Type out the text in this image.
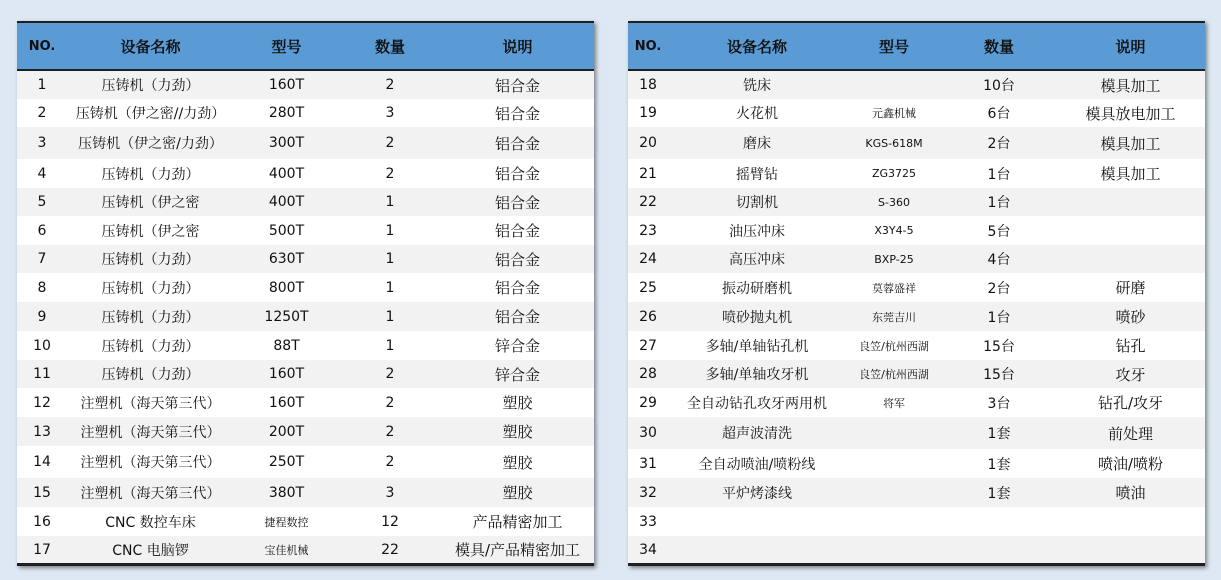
NO.	设备名称	型号	数量	说明
1	压铸机（力劲）	160T	2	铝合金
2	压铸机（伊之密//力劲）	280T	3	铝合金
3	压铸机（伊之密/力劲）	300T	2	铝合金
4	压铸机（力劲）	400T	2	铝合金
5	压铸机（伊之密	400T	1	铝合金
6	压铸机（伊之密	500T	1	铝合金
7	压铸机（力劲）	630T	1	铝合金
8	压铸机（力劲）	800T	1	铝合金
9	压铸机（力劲）	1250T	1	铝合金
10	压铸机（力劲）	88T	1	锌合金
11	压铸机（力劲）	160T	2	锌合金
12	注塑机（海天第三代）	160T	2	塑胶
13	注塑机（海天第三代）	200T	2	塑胶
14	注塑机（海天第三代）	250T	2	塑胶
15	注塑机（海天第三代）	380T	3	塑胶
16	CNC 数控车床	捷程数控	12	产品精密加工
17	CNC 电脑锣	宝佳机械	22	模具/产品精密加工
NO.	设备名称	型号	数量	说明
18	铣床		10台	模具加工
19	火花机	元鑫机械	6台	模具放电加工
20	磨床	KGS-618M	2台	模具加工
21	摇臂钻	ZG3725	1台	模具加工
22	切割机	S-360	1台	
23	油压冲床	X3Y4-5	5台	
24	高压冲床	BXP-25	4台	
25	振动研磨机	莫蓉盛祥	2台	研磨
26	喷砂抛丸机	东莞吉川	1台	喷砂
27	多轴/单轴钻孔机	良笠/杭州西湖	15台	钻孔
28	多轴/单轴攻牙机	良笠/杭州西湖	15台	攻牙
29	全自动钻孔攻牙两用机	将军	3台	钻孔/攻牙
30	超声波清洗		1套	前处理
31	全自动喷油/喷粉线		1套	喷油/喷粉
32	平炉烤漆线		1套	喷油
33				
34				
